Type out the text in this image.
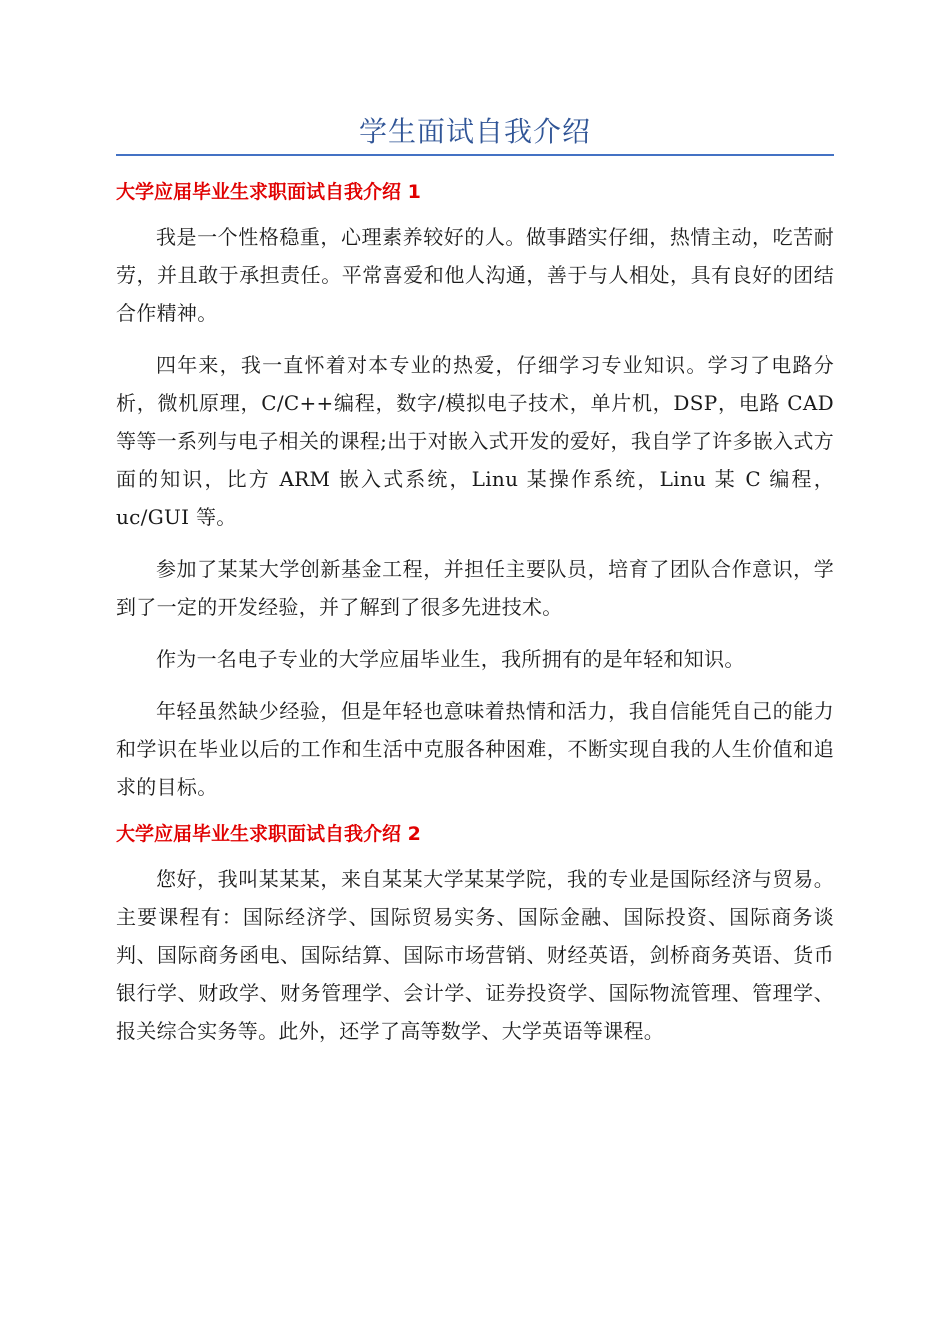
学生面试自我介绍
大学应届毕业生求职面试自我介绍 1

我是一个性格稳重，心理素养较好的人。做事踏实仔细，热情主动，吃苦耐劳，并且敢于承担责任。平常喜爱和他人沟通，善于与人相处，具有良好的团结合作精神。

四年来，我一直怀着对本专业的热爱，仔细学习专业知识。学习了电路分析，微机原理，C/C++编程，数字/模拟电子技术，单片机，DSP，电路 CAD 等等一系列与电子相关的课程;出于对嵌入式开发的爱好，我自学了许多嵌入式方面的知识，比方 ARM 嵌入式系统，Linu 某操作系统，Linu 某 C 编程，uc/GUI 等。

参加了某某大学创新基金工程，并担任主要队员，培育了团队合作意识，学到了一定的开发经验，并了解到了很多先进技术。

作为一名电子专业的大学应届毕业生，我所拥有的是年轻和知识。

年轻虽然缺少经验，但是年轻也意味着热情和活力，我自信能凭自己的能力和学识在毕业以后的工作和生活中克服各种困难，不断实现自我的人生价值和追求的目标。

大学应届毕业生求职面试自我介绍 2

您好，我叫某某某，来自某某大学某某学院，我的专业是国际经济与贸易。主要课程有：国际经济学、国际贸易实务、国际金融、国际投资、国际商务谈判、国际商务函电、国际结算、国际市场营销、财经英语，剑桥商务英语、货币银行学、财政学、财务管理学、会计学、证券投资学、国际物流管理、管理学、报关综合实务等。此外，还学了高等数学、大学英语等课程。
